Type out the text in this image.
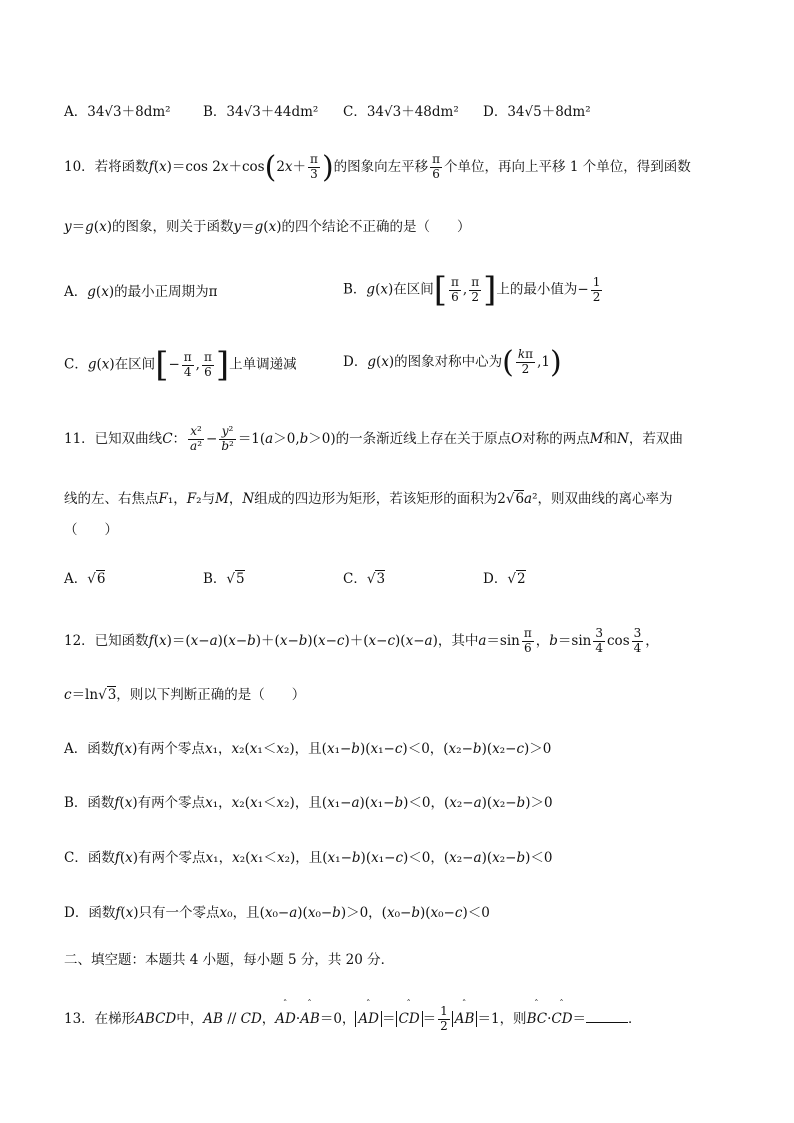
A．34√3＋8dm² B．34√3＋44dm² C．34√3＋48dm² D．34√5＋8dm²
10．若将函数f(x)＝cos $2x+\cos(2x+ \frac{\pi}{3}$ )的图象向左平移 $\frac{\pi}{6}$ 个单位，再向上平移 1 个单位，得到函数
y＝g(x)的图象，则关于函数y＝g(x)的四个结论不正确的是（　　）
A．g(x)的最小正周期为π	B．g(x)在区间[ $\frac{\pi}{6}$ , $\frac{\pi}{2}$ ]上的最小值为− $\frac{1}{2}$
C．g(x)在区间[− $\frac{\pi}{4}$ , $\frac{\pi}{6}$ ]上单调递减	D．g(x)的图象对称中心为( $\frac{k\pi}{2} ,1$)
11．已知双曲线C： $\frac{\text{x²}}{\text{a²}} - \frac{\text{y²}}{\text{b²}} =1(a>0,b>0)$的一条渐近线上存在关于原点O对称的两点M和N，若双曲
线的左、右焦点F₁，F₂与M，N组成的四边形为矩形，若该矩形的面积为2√6a²，则双曲线的离心率为
（　　）
A．√6	B．√5	C．√3	D．√2
12．已知函数f(x)＝(x−a)(x−b)＋(x−b)(x−c)＋(x−c)(x−a)，其中$a=\sin \frac{\pi}{6}$ ，$b=\sin \frac{3}{4}$ $\cos \frac{3}{4}$ ，
c＝ln√3，则以下判断正确的是（　　）
A．函数f(x)有两个零点x₁，x₂(x₁＜x₂)，且(x₁−b)(x₁−c)＜0，(x₂−b)(x₂−c)＞0
B．函数f(x)有两个零点x₁，x₂(x₁＜x₂)，且(x₁−a)(x₁−b)＜0，(x₂−a)(x₂−b)＞0
C．函数f(x)有两个零点x₁，x₂(x₁＜x₂)，且(x₁−b)(x₁−c)＜0，(x₂−a)(x₂−b)＜0
D．函数f(x)只有一个零点x₀，且(x₀−a)(x₀−b)＞0，(x₀−b)(x₀−c)＜0
二、填空题：本题共 4 小题，每小题 5 分，共 20 分．
13．在梯形ABCD中，AB // CD，ˆ AD·ˆ AB＝0， ˆ AD ＝ ˆ CD ＝ $\frac{1}{2}$ ˆ AB ＝1，则ˆ BC·ˆ CD＝	．
